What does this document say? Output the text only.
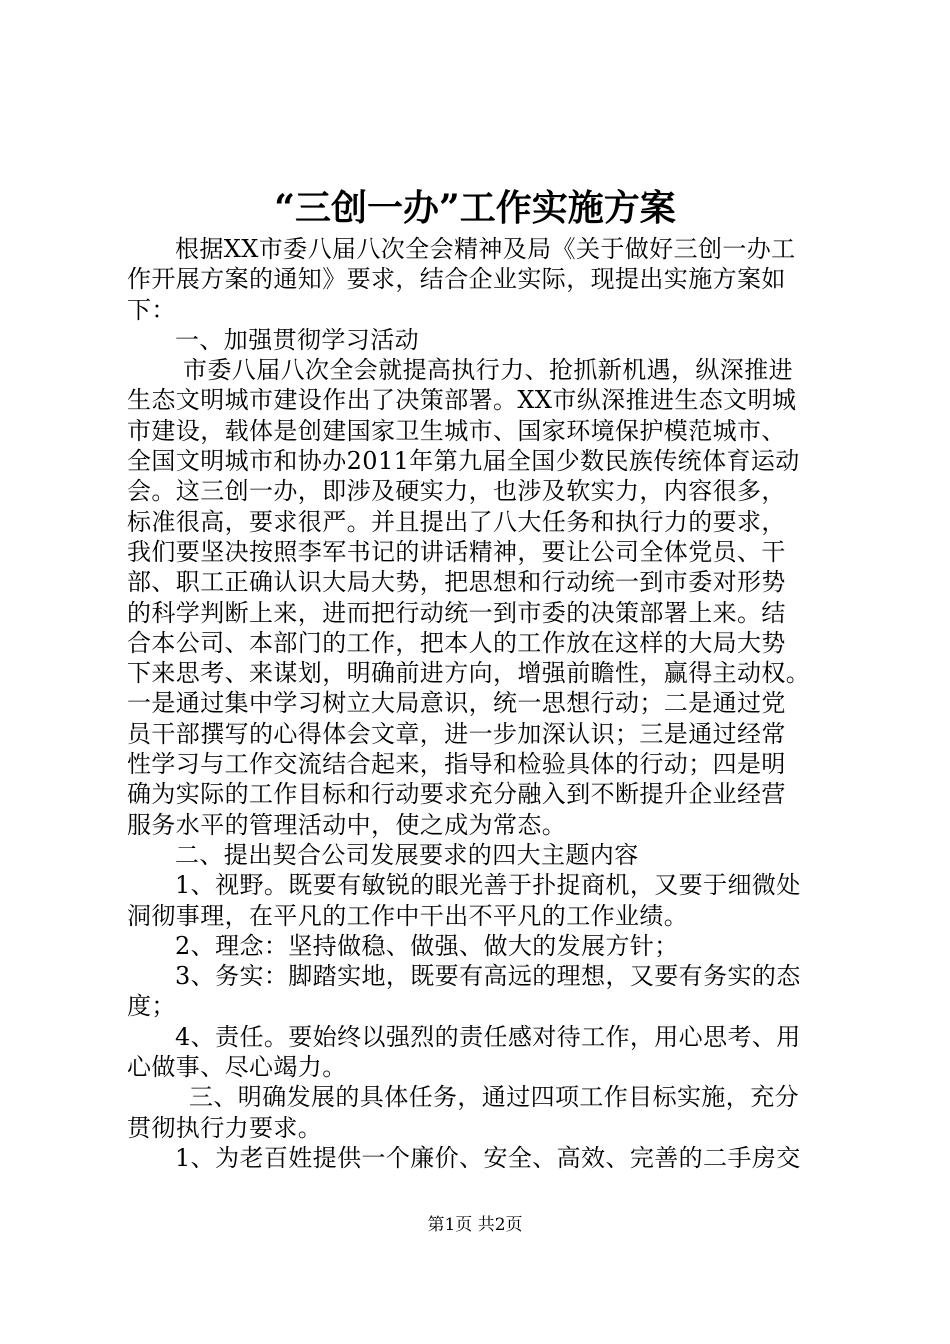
“三创一办”工作实施方案
根据XX市委八届八次全会精神及局《关于做好三创一办工
作开展方案的通知》要求，结合企业实际，现提出实施方案如
下：
一、加强贯彻学习活动
市委八届八次全会就提高执行力、抢抓新机遇，纵深推进
生态文明城市建设作出了决策部署。XX市纵深推进生态文明城
市建设，载体是创建国家卫生城市、国家环境保护模范城市、
全国文明城市和协办2011年第九届全国少数民族传统体育运动
会。这三创一办，即涉及硬实力，也涉及软实力，内容很多，
标准很高，要求很严。并且提出了八大任务和执行力的要求，
我们要坚决按照李军书记的讲话精神，要让公司全体党员、干
部、职工正确认识大局大势，把思想和行动统一到市委对形势
的科学判断上来，进而把行动统一到市委的决策部署上来。结
合本公司、本部门的工作，把本人的工作放在这样的大局大势
下来思考、来谋划，明确前进方向，增强前瞻性，赢得主动权。
一是通过集中学习树立大局意识，统一思想行动；二是通过党
员干部撰写的心得体会文章，进一步加深认识；三是通过经常
性学习与工作交流结合起来，指导和检验具体的行动；四是明
确为实际的工作目标和行动要求充分融入到不断提升企业经营
服务水平的管理活动中，使之成为常态。
二、提出契合公司发展要求的四大主题内容
1、视野。既要有敏锐的眼光善于扑捉商机，又要于细微处
洞彻事理，在平凡的工作中干出不平凡的工作业绩。
2、理念：坚持做稳、做强、做大的发展方针；
3、务实：脚踏实地，既要有高远的理想，又要有务实的态
度；
4、责任。要始终以强烈的责任感对待工作，用心思考、用
心做事、尽心竭力。
三、明确发展的具体任务，通过四项工作目标实施，充分
贯彻执行力要求。
1、为老百姓提供一个廉价、安全、高效、完善的二手房交
第1页 共2页
